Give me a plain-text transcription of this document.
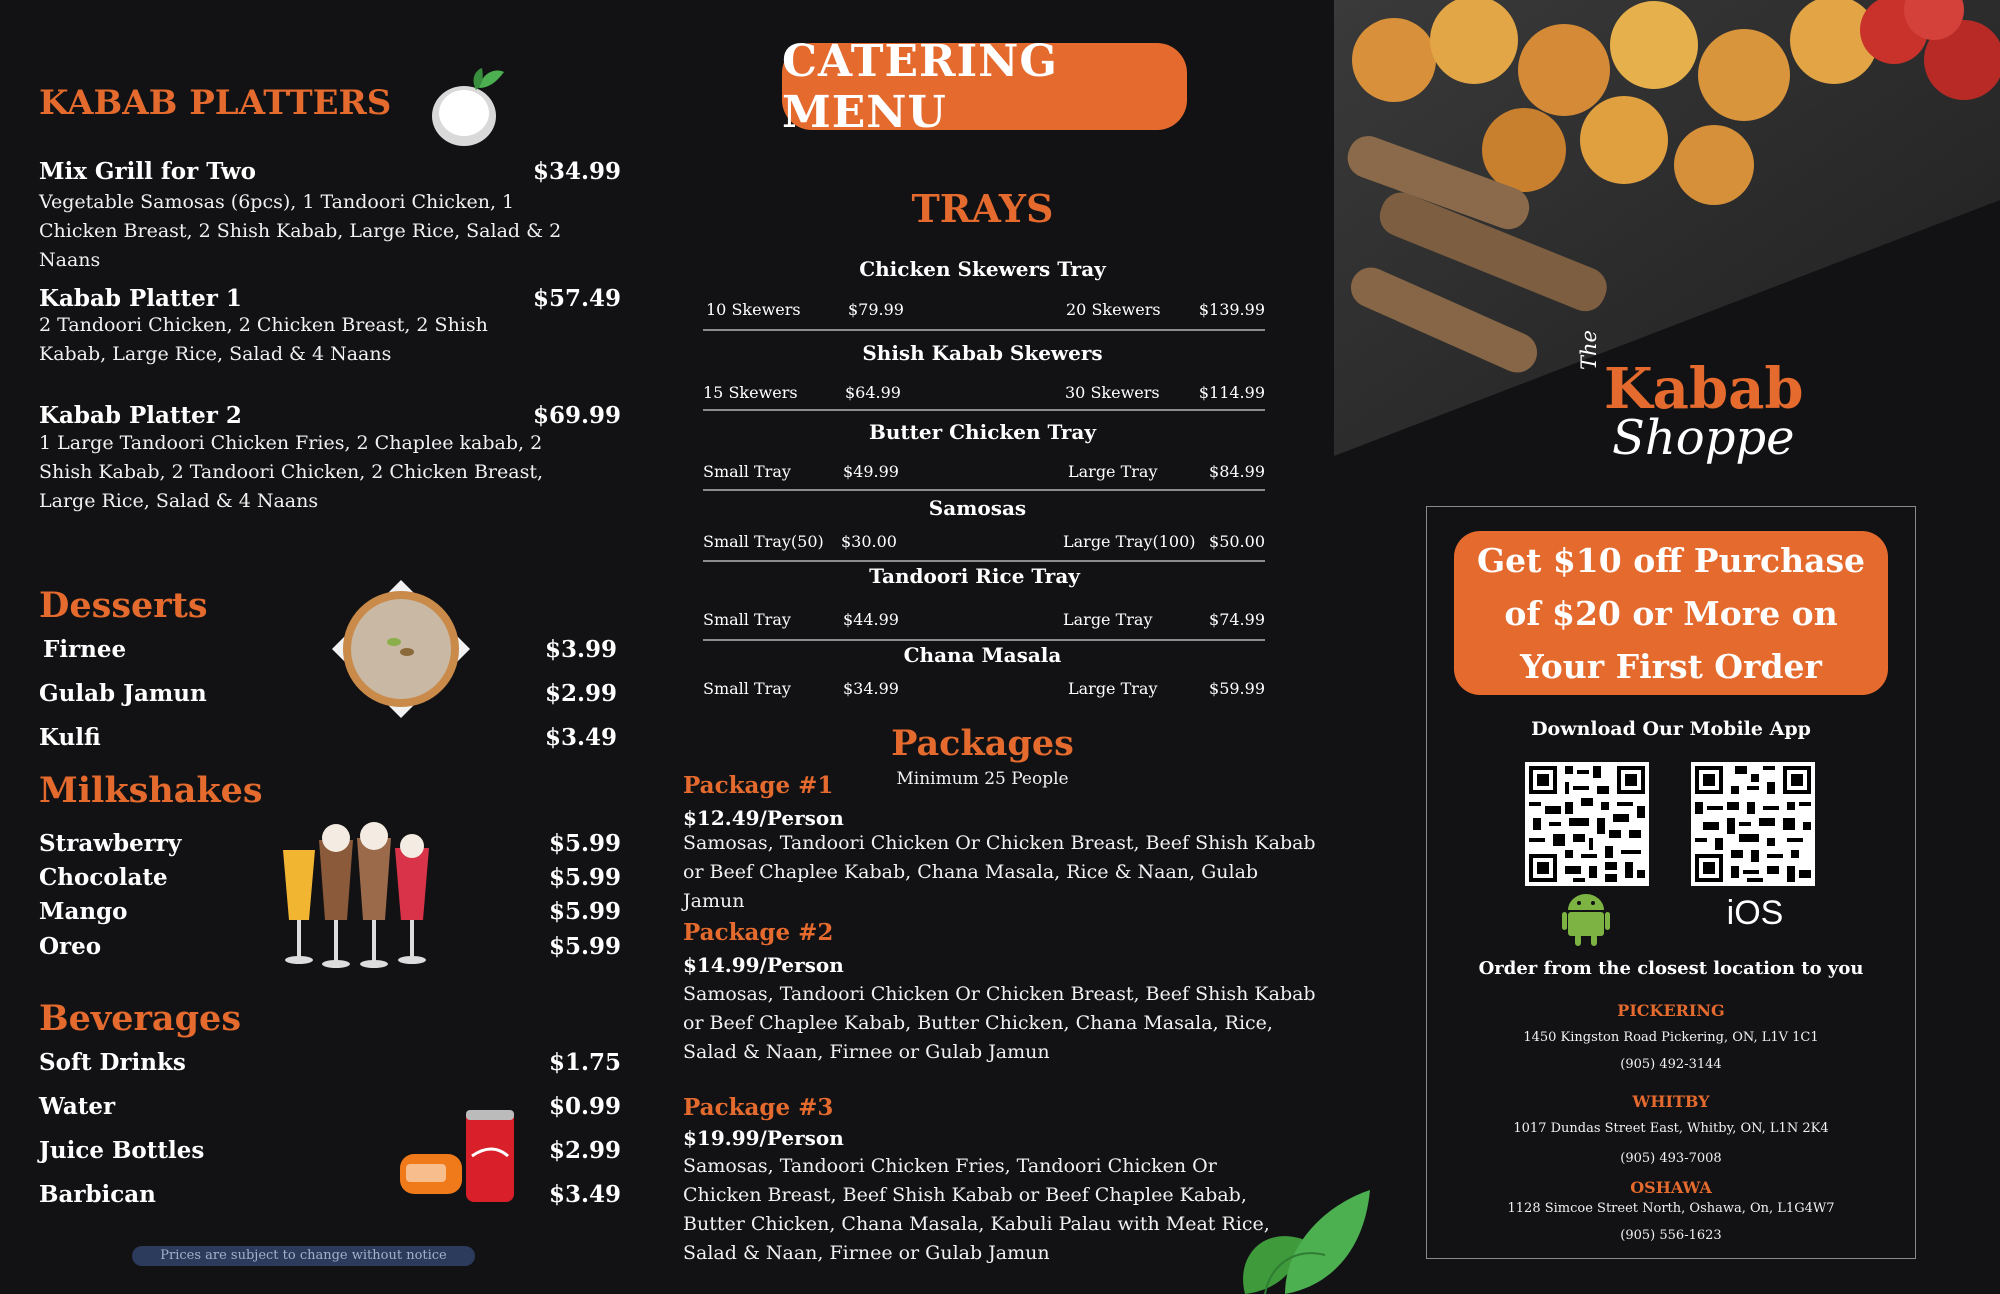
KABAB PLATTERS
Mix Grill for Two	$34.99
Vegetable Samosas (6pcs), 1 Tandoori Chicken, 1 Chicken Breast, 2 Shish Kabab, Large Rice, Salad & 2 Naans
Kabab Platter 1	$57.49
2 Tandoori Chicken, 2 Chicken Breast, 2 Shish Kabab, Large Rice, Salad & 4 Naans
Kabab Platter 2	$69.99
1 Large Tandoori Chicken Fries, 2 Chaplee kabab, 2 Shish Kabab, 2 Tandoori Chicken, 2 Chicken Breast, Large Rice, Salad & 4 Naans
Desserts
Firnee	$3.99
Gulab Jamun	$2.99
Kulfi	$3.49
Milkshakes
Strawberry	$5.99
Chocolate	$5.99
Mango	$5.99
Oreo	$5.99
Beverages
Soft Drinks	$1.75
Water	$0.99
Juice Bottles	$2.99
Barbican	$3.49
Prices are subject to change without notice
CATERING MENU
TRAYS
Chicken Skewers Tray
10 Skewers	$79.99	20 Skewers $139.99
Shish Kabab Skewers
15 Skewers	$64.99	30 Skewers $114.99
Butter Chicken Tray
Small Tray	$49.99	Large Tray	$84.99
Samosas
Small Tray(50) $30.00	Large Tray(100) $50.00
Tandoori Rice Tray
Small Tray	$44.99	Large Tray	$74.99
Chana Masala
Small Tray	$34.99	Large Tray	$59.99
Packages
Minimum 25 People
Package #1
$12.49/Person
Samosas, Tandoori Chicken Or Chicken Breast, Beef Shish Kabab or Beef Chaplee Kabab, Chana Masala, Rice & Naan, Gulab Jamun
Package #2
$14.99/Person
Samosas, Tandoori Chicken Or Chicken Breast, Beef Shish Kabab or Beef Chaplee Kabab, Butter Chicken, Chana Masala, Rice, Salad & Naan, Firnee or Gulab Jamun
Package #3
$19.99/Person
Samosas, Tandoori Chicken Fries, Tandoori Chicken Or Chicken Breast, Beef Shish Kabab or Beef Chaplee Kabab, Butter Chicken, Chana Masala, Kabuli Palau with Meat Rice, Salad & Naan, Firnee or Gulab Jamun
The
Kabab
Shoppe
Get $10 off Purchase of $20 or More on Your First Order
Download Our Mobile App
iOS
Order from the closest location to you
PICKERING
1450 Kingston Road Pickering, ON, L1V 1C1
(905) 492-3144
WHITBY
1017 Dundas Street East, Whitby, ON, L1N 2K4
(905) 493-7008
OSHAWA
1128 Simcoe Street North, Oshawa, On, L1G4W7
(905) 556-1623
